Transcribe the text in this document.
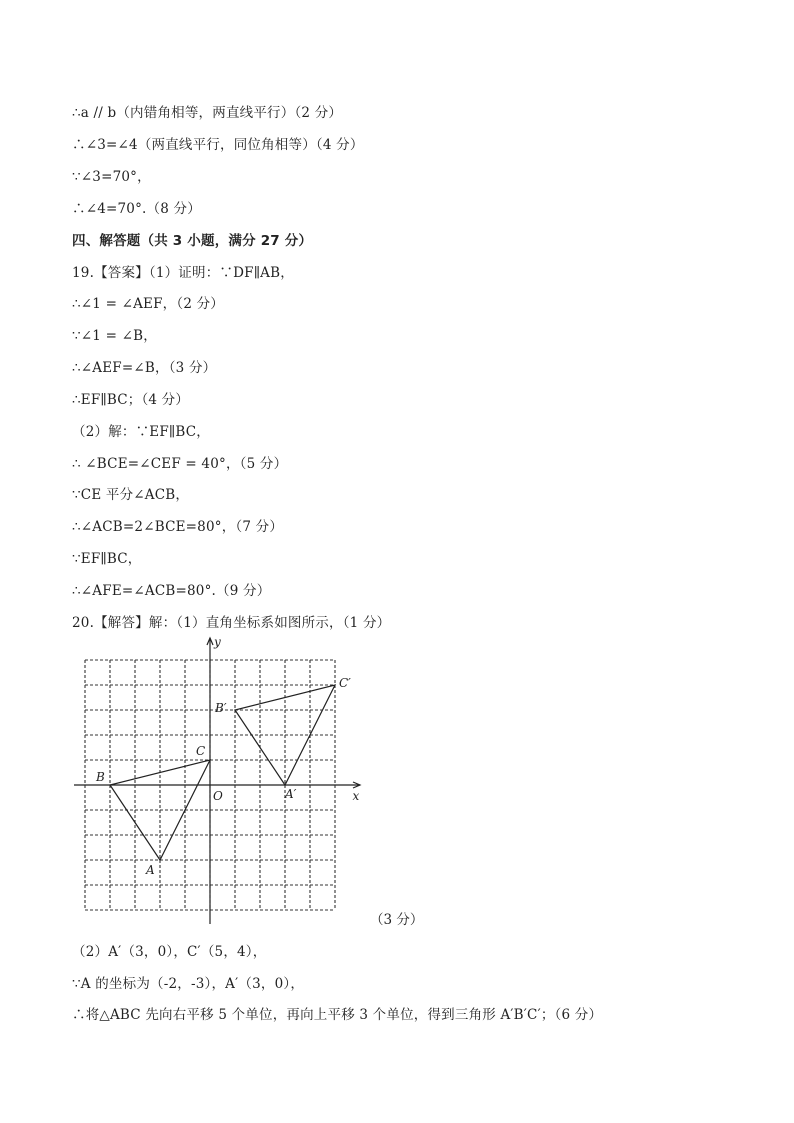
∴a // b（内错角相等，两直线平行）（2 分）
∴∠3=∠4（两直线平行，同位角相等）（4 分）
∵∠3=70°，
∴∠4=70°.（8 分）
四、解答题（共 3 小题，满分 27 分）
19.【答案】（1）证明：∵DF∥AB，
∴∠1 = ∠AEF，（2 分）
∵∠1 = ∠B，
∴∠AEF=∠B，（3 分）
∴EF∥BC；（4 分）
（2）解：∵EF∥BC，
∴ ∠BCE=∠CEF = 40°，（5 分）
∵CE 平分∠ACB，
∴∠ACB=2∠BCE=80°，（7 分）
∵EF∥BC，
∴∠AFE=∠ACB=80°.（9 分）
20.【解答】解：（1）直角坐标系如图所示，（1 分）
x
y
O
A
B
C
A′
B′
C′
（3 分）
（2）A′（3，0），C′（5，4），
∵A 的坐标为（-2，-3），A′（3，0），
∴将△ABC 先向右平移 5 个单位，再向上平移 3 个单位，得到三角形 A′B′C′；（6 分）
